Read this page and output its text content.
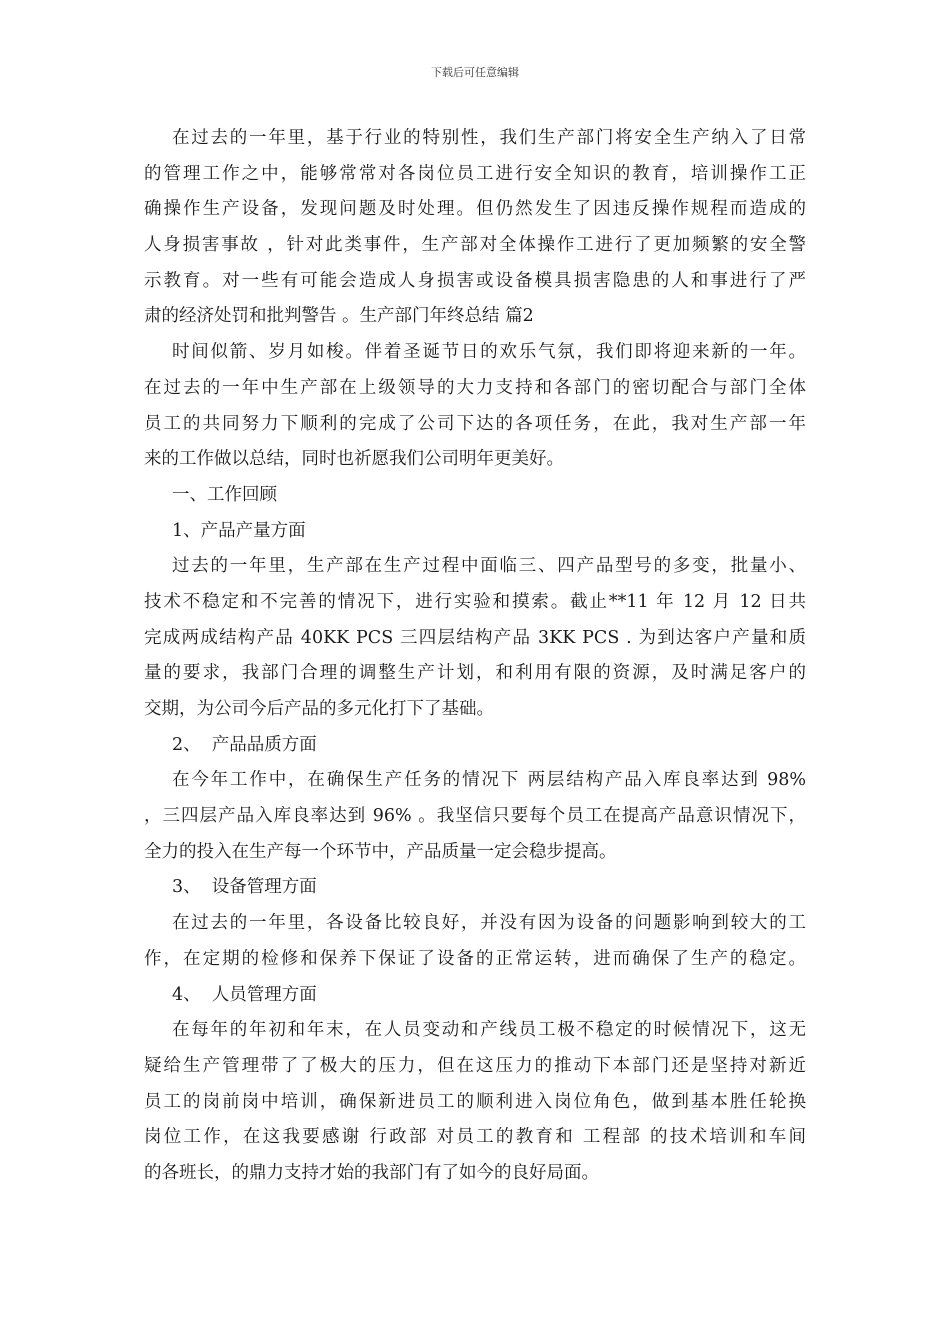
下载后可任意编辑
在过去的一年里，基于行业的特别性，我们生产部门将安全生产纳入了日常
的管理工作之中，能够常常对各岗位员工进行安全知识的教育，培训操作工正
确操作生产设备，发现问题及时处理。但仍然发生了因违反操作规程而造成的
人身损害事故 ，针对此类事件，生产部对全体操作工进行了更加频繁的安全警
示教育。对一些有可能会造成人身损害或设备模具损害隐患的人和事进行了严
肃的经济处罚和批判警告 。生产部门年终总结 篇2
时间似箭、岁月如梭。伴着圣诞节日的欢乐气氛，我们即将迎来新的一年。
在过去的一年中生产部在上级领导的大力支持和各部门的密切配合与部门全体
员工的共同努力下顺利的完成了公司下达的各项任务，在此，我对生产部一年
来的工作做以总结，同时也祈愿我们公司明年更美好。
一、工作回顾
1、产品产量方面
过去的一年里，生产部在生产过程中面临三、四产品型号的多变，批量小、
技术不稳定和不完善的情况下，进行实验和摸索。截止**11 年 12 月 12 日共
完成两成结构产品 40KK PCS 三四层结构产品 3KK PCS . 为到达客户产量和质
量的要求，我部门合理的调整生产计划，和利用有限的资源，及时满足客户的
交期，为公司今后产品的多元化打下了基础。
2、  产品品质方面
在今年工作中，在确保生产任务的情况下 两层结构产品入库良率达到 98%
，三四层产品入库良率达到 96% 。我坚信只要每个员工在提高产品意识情况下，
全力的投入在生产每一个环节中，产品质量一定会稳步提高。
3、  设备管理方面
在过去的一年里，各设备比较良好，并没有因为设备的问题影响到较大的工
作，在定期的检修和保养下保证了设备的正常运转，进而确保了生产的稳定。
4、  人员管理方面
在每年的年初和年末，在人员变动和产线员工极不稳定的时候情况下，这无
疑给生产管理带了了极大的压力，但在这压力的推动下本部门还是坚持对新近
员工的岗前岗中培训，确保新进员工的顺利进入岗位角色，做到基本胜任轮换
岗位工作，在这我要感谢 行政部 对员工的教育和 工程部 的技术培训和车间
的各班长，的鼎力支持才始的我部门有了如今的良好局面。
